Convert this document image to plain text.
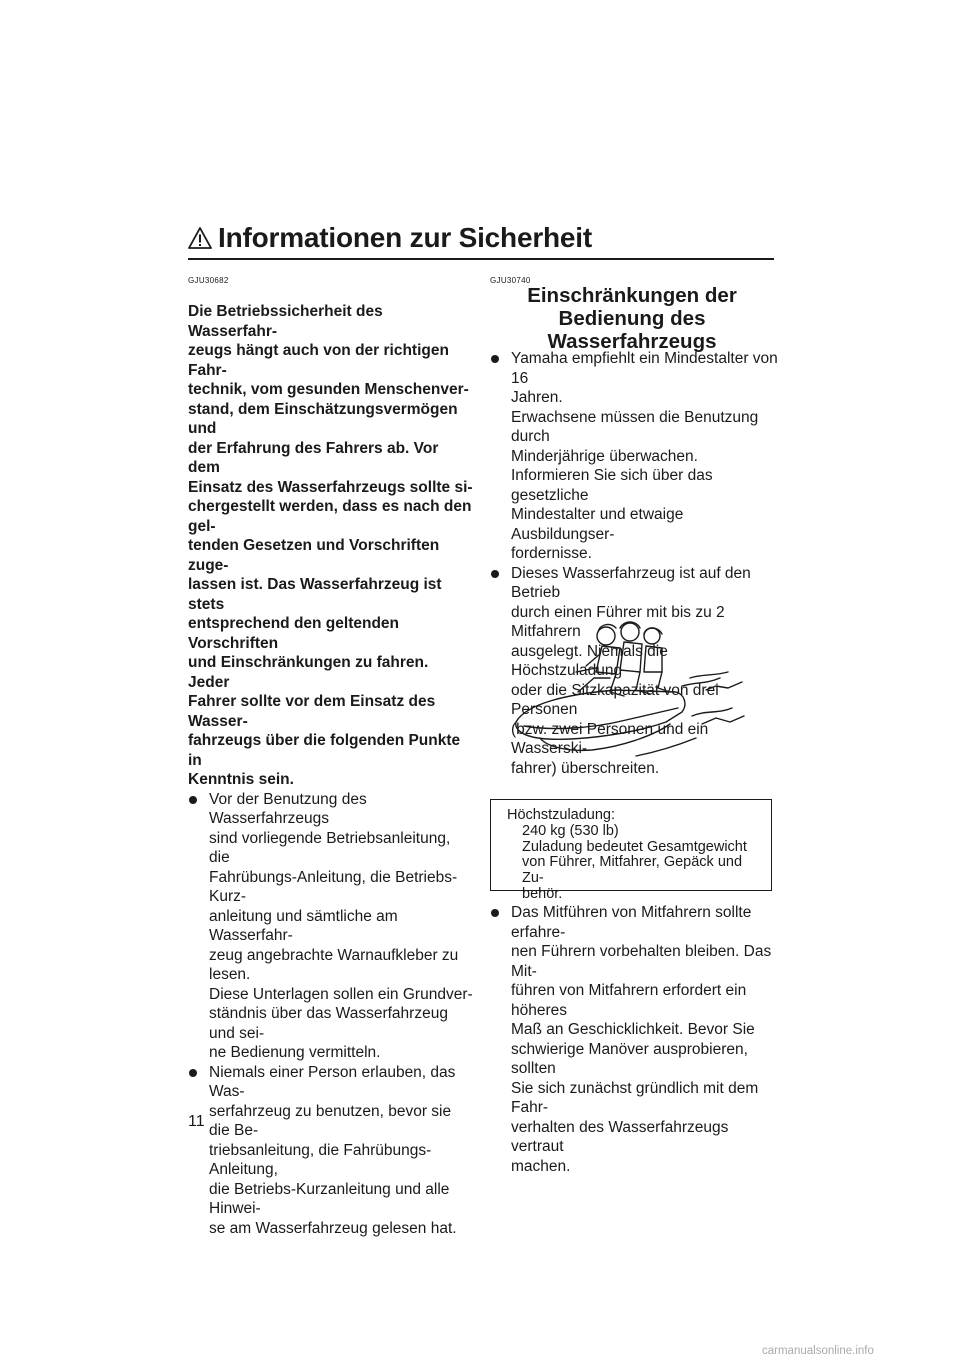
Informationen zur Sicherheit
GJU30682

Die Betriebssicherheit des Wasserfahr-
zeugs hängt auch von der richtigen Fahr-
technik, vom gesunden Menschenver-
stand, dem Einschätzungsvermögen und
der Erfahrung des Fahrers ab. Vor dem
Einsatz des Wasserfahrzeugs sollte si-
chergestellt werden, dass es nach den gel-
tenden Gesetzen und Vorschriften zuge-
lassen ist. Das Wasserfahrzeug ist stets
entsprechend den geltenden Vorschriften
und Einschränkungen zu fahren. Jeder
Fahrer sollte vor dem Einsatz des Wasser-
fahrzeugs über die folgenden Punkte in
Kenntnis sein.

Vor der Benutzung des Wasserfahrzeugs
sind vorliegende Betriebsanleitung, die
Fahrübungs-Anleitung, die Betriebs-Kurz-
anleitung und sämtliche am Wasserfahr-
zeug angebrachte Warnaufkleber zu lesen.
Diese Unterlagen sollen ein Grundver-
ständnis über das Wasserfahrzeug und sei-
ne Bedienung vermitteln.

Niemals einer Person erlauben, das Was-
serfahrzeug zu benutzen, bevor sie die Be-
triebsanleitung, die Fahrübungs-Anleitung,
die Betriebs-Kurzanleitung und alle Hinwei-
se am Wasserfahrzeug gelesen hat.

GJU30740
Einschränkungen der
Bedienung des
Wasserfahrzeugs

Yamaha empfiehlt ein Mindestalter von 16
Jahren.
Erwachsene müssen die Benutzung durch
Minderjährige überwachen.
Informieren Sie sich über das gesetzliche
Mindestalter und etwaige Ausbildungser-
fordernisse.

Dieses Wasserfahrzeug ist auf den Betrieb
durch einen Führer mit bis zu 2 Mitfahrern
ausgelegt. Niemals die Höchstzuladung
oder die Sitzkapazität von drei Personen
(bzw. zwei Personen und ein Wasserski-
fahrer) überschreiten.

Höchstzuladung:
240 kg (530 lb)
Zuladung bedeutet Gesamtgewicht
von Führer, Mitfahrer, Gepäck und Zu-
behör.

Das Mitführen von Mitfahrern sollte erfahre-
nen Führern vorbehalten bleiben. Das Mit-
führen von Mitfahrern erfordert ein höheres
Maß an Geschicklichkeit. Bevor Sie
schwierige Manöver ausprobieren, sollten
Sie sich zunächst gründlich mit dem Fahr-
verhalten des Wasserfahrzeugs vertraut
machen.

11
carmanualsonline.info
